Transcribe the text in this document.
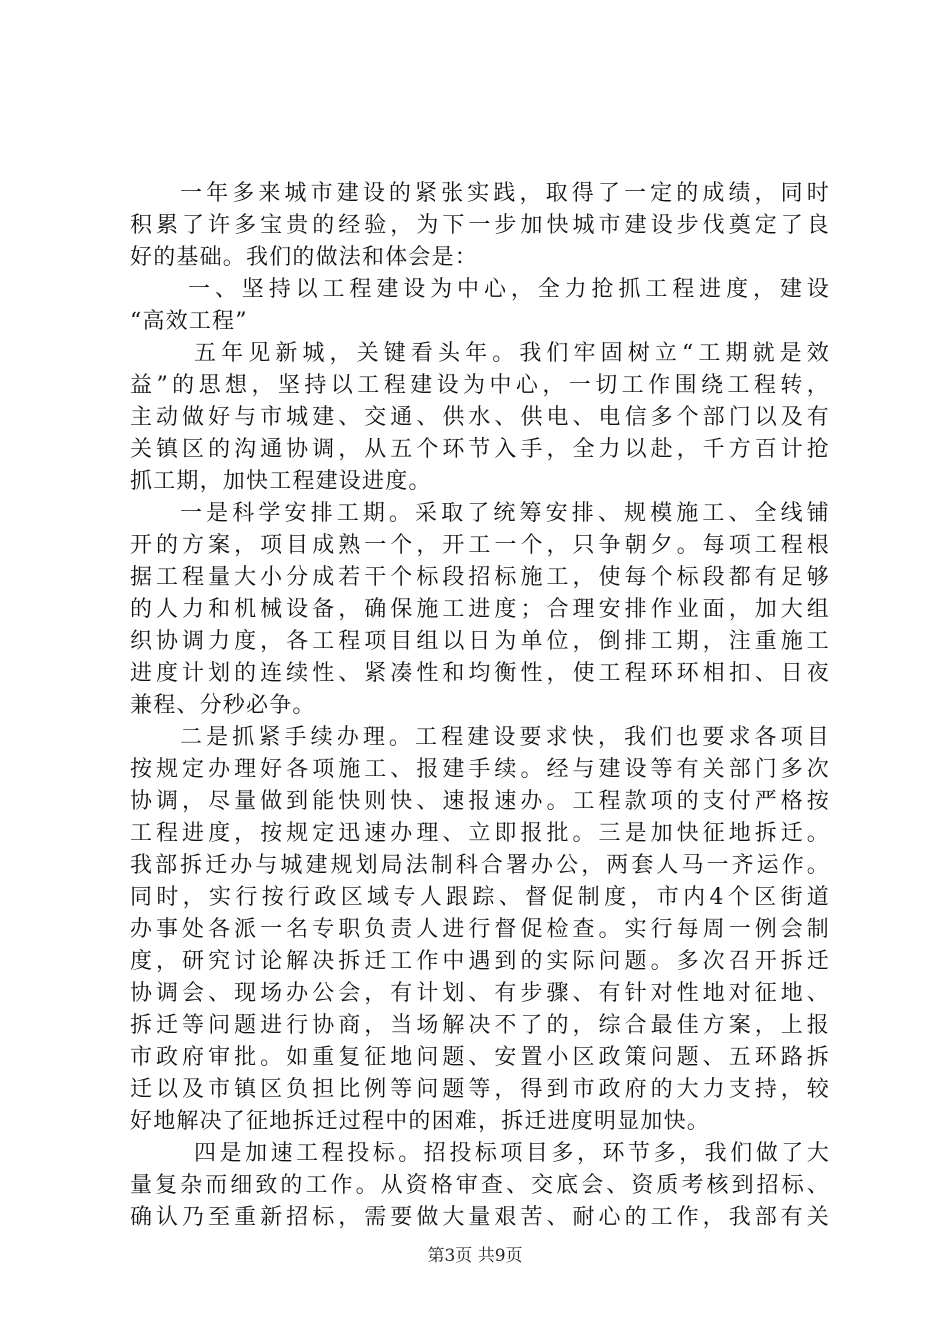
一年多来城市建设的紧张实践，取得了一定的成绩，同时
积累了许多宝贵的经验，为下一步加快城市建设步伐奠定了良
好的基础。我们的做法和体会是：
一、坚持以工程建设为中心，全力抢抓工程进度，建设
“高效工程”
五年见新城，关键看头年。我们牢固树立“工期就是效
益”的思想，坚持以工程建设为中心，一切工作围绕工程转，
主动做好与市城建、交通、供水、供电、电信多个部门以及有
关镇区的沟通协调，从五个环节入手，全力以赴，千方百计抢
抓工期，加快工程建设进度。
一是科学安排工期。采取了统筹安排、规模施工、全线铺
开的方案，项目成熟一个，开工一个，只争朝夕。每项工程根
据工程量大小分成若干个标段招标施工，使每个标段都有足够
的人力和机械设备，确保施工进度；合理安排作业面，加大组
织协调力度，各工程项目组以日为单位，倒排工期，注重施工
进度计划的连续性、紧凑性和均衡性，使工程环环相扣、日夜
兼程、分秒必争。
二是抓紧手续办理。工程建设要求快，我们也要求各项目
按规定办理好各项施工、报建手续。经与建设等有关部门多次
协调，尽量做到能快则快、速报速办。工程款项的支付严格按
工程进度，按规定迅速办理、立即报批。三是加快征地拆迁。
我部拆迁办与城建规划局法制科合署办公，两套人马一齐运作。
同时，实行按行政区域专人跟踪、督促制度，市内4个区街道
办事处各派一名专职负责人进行督促检查。实行每周一例会制
度，研究讨论解决拆迁工作中遇到的实际问题。多次召开拆迁
协调会、现场办公会，有计划、有步骤、有针对性地对征地、
拆迁等问题进行协商，当场解决不了的，综合最佳方案，上报
市政府审批。如重复征地问题、安置小区政策问题、五环路拆
迁以及市镇区负担比例等问题等，得到市政府的大力支持，较
好地解决了征地拆迁过程中的困难，拆迁进度明显加快。
四是加速工程投标。招投标项目多，环节多，我们做了大
量复杂而细致的工作。从资格审查、交底会、资质考核到招标、
确认乃至重新招标，需要做大量艰苦、耐心的工作，我部有关
第3页 共9页
